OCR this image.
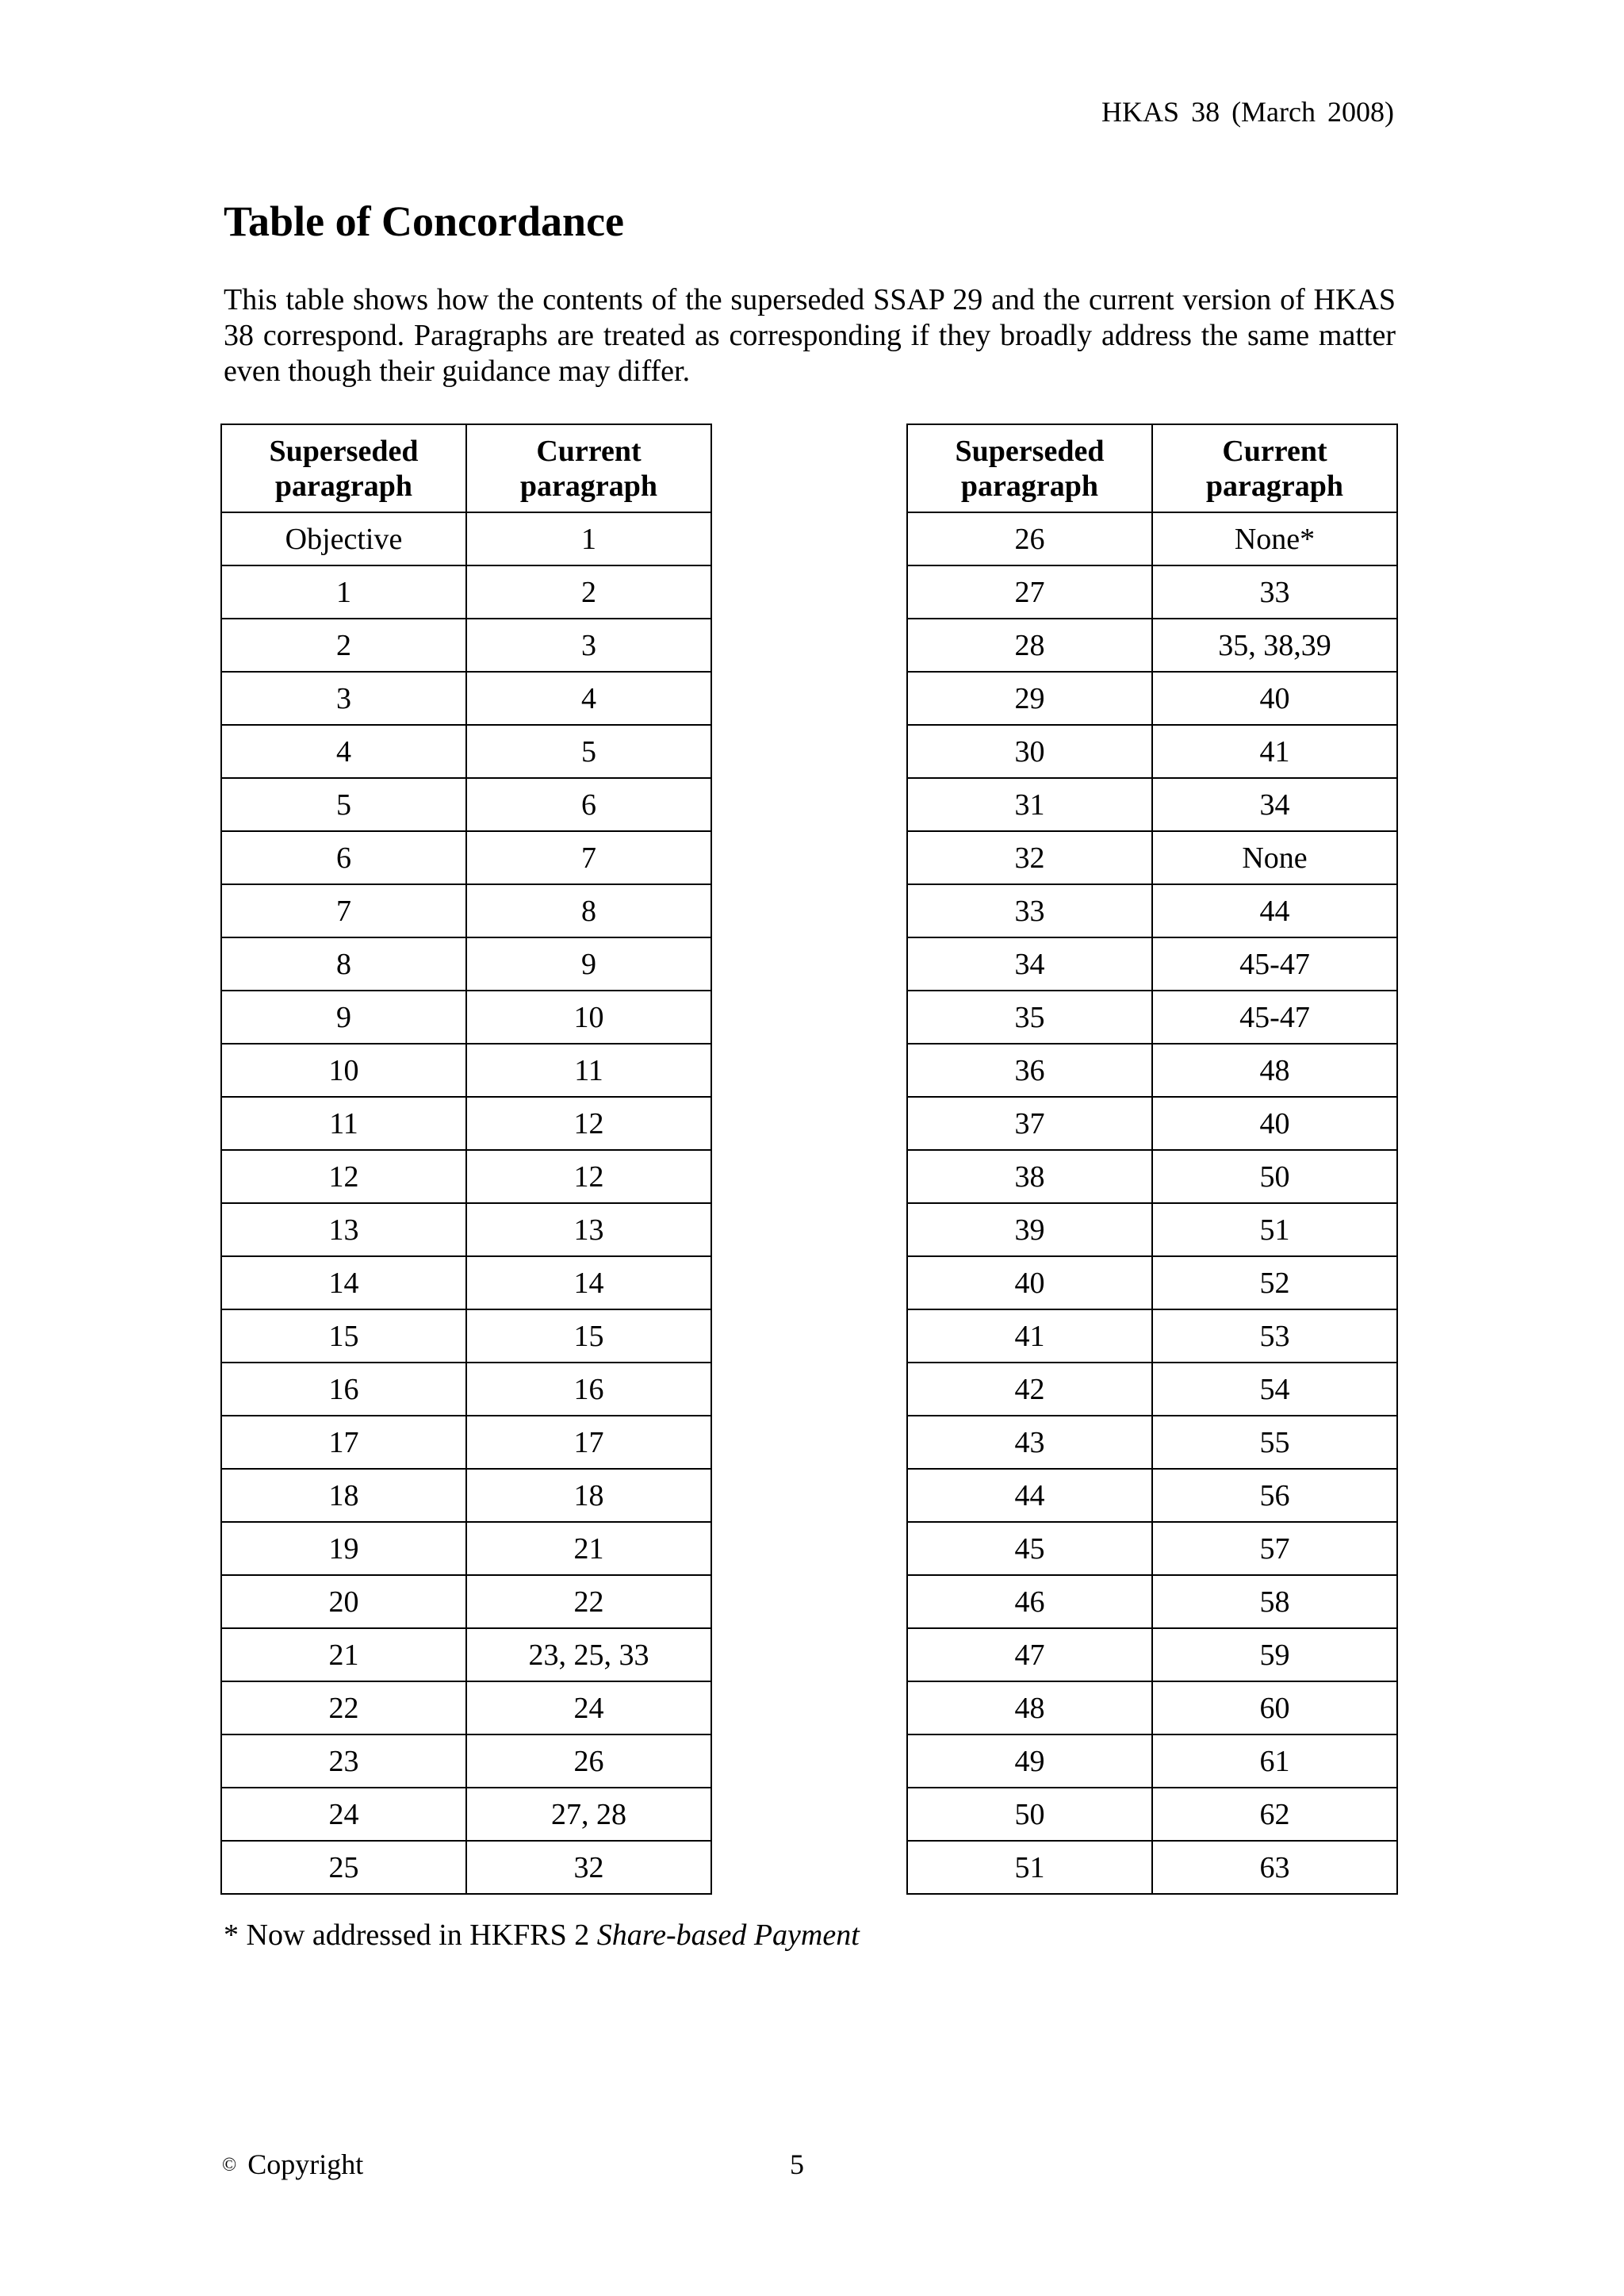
HKAS 38 (March 2008)
Table of Concordance

This table shows how the contents of the superseded SSAP 29 and the current version of HKAS 38 correspond. Paragraphs are treated as corresponding if they broadly address the same matter even though their guidance may differ.

Superseded
paragraph	Current
paragraph

Objective	1
1	2
2	3
3	4
4	5
5	6
6	7
7	8
8	9
9	10
10	11
11	12
12	12
13	13
14	14
15	15
16	16
17	17
18	18
19	21
20	22
21	23, 25, 33
22	24
23	26
24	27, 28
25	32
Superseded
paragraph	Current
paragraph

26	None*
27	33
28	35, 38,39
29	40
30	41
31	34
32	None
33	44
34	45-47
35	45-47
36	48
37	40
38	50
39	51
40	52
41	53
42	54
43	55
44	56
45	57
46	58
47	59
48	60
49	61
50	62
51	63

* Now addressed in HKFRS 2 Share-based Payment

© Copyright	5
